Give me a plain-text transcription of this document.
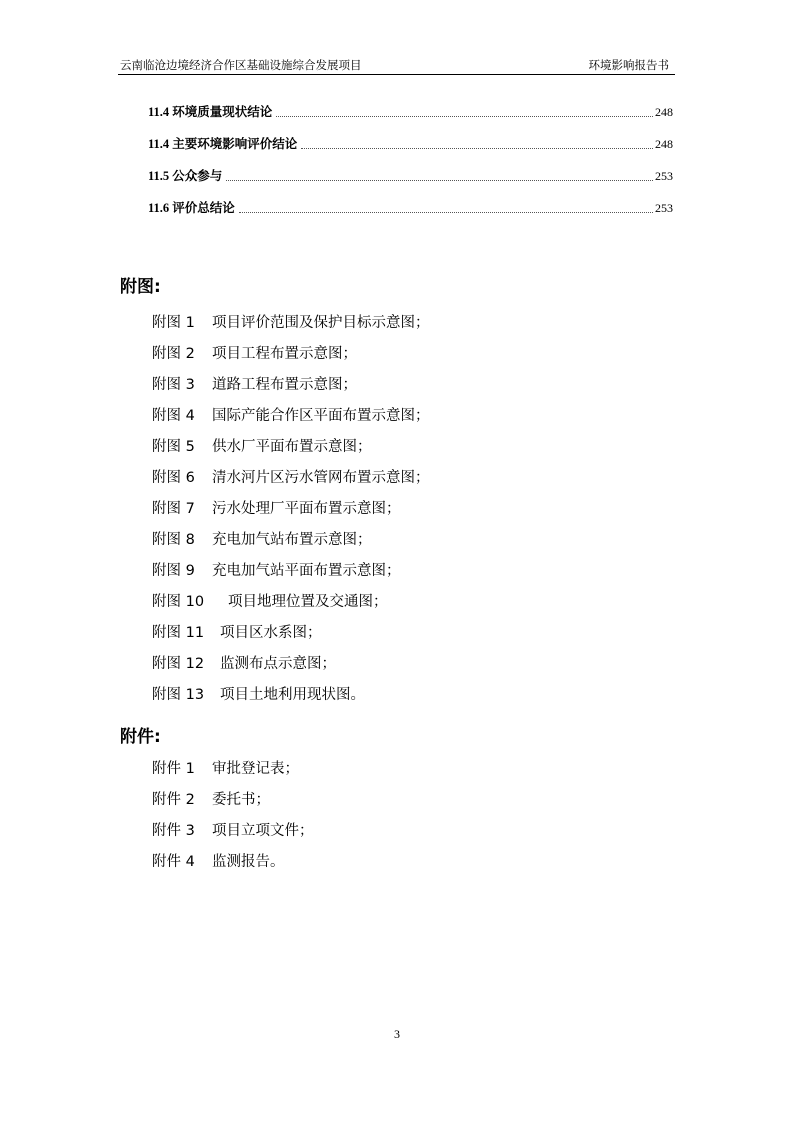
云南临沧边境经济合作区基础设施综合发展项目	环境影响报告书
11.4 环境质量现状结论	248
11.4 主要环境影响评价结论	248
11.5 公众参与	253
11.6 评价总结论	253
附图:
附图 1 项目评价范围及保护目标示意图；
附图 2 项目工程布置示意图；
附图 3 道路工程布置示意图；
附图 4 国际产能合作区平面布置示意图；
附图 5 供水厂平面布置示意图；
附图 6 清水河片区污水管网布置示意图；
附图 7 污水处理厂平面布置示意图；
附图 8 充电加气站布置示意图；
附图 9 充电加气站平面布置示意图；
附图 10 项目地理位置及交通图；
附图 11 项目区水系图；
附图 12 监测布点示意图；
附图 13 项目土地利用现状图。
附件:
附件 1 审批登记表；
附件 2 委托书；
附件 3 项目立项文件；
附件 4 监测报告。
3
